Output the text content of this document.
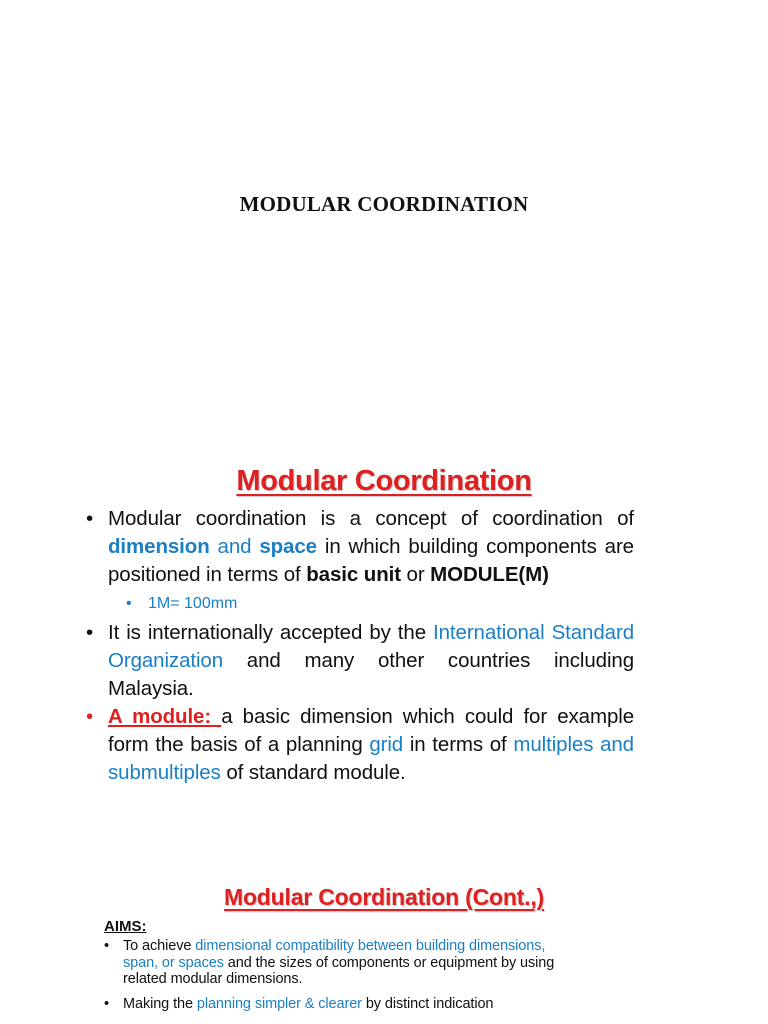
MODULAR COORDINATION
Modular Coordination
• Modular coordination is a concept of coordination of dimension and space in which building components are positioned in terms of basic unit or MODULE(M)
• 1M= 100mm
• It is internationally accepted by the International Standard Organization and many other countries including Malaysia.
• A module: a basic dimension which could for example form the basis of a planning grid in terms of multiples and submultiples of standard module.
Modular Coordination (Cont.,)
AIMS:
• To achieve dimensional compatibility between building dimensions, span, or spaces and the sizes of components or equipment by using related modular dimensions.
• Making the planning simpler & clearer by distinct indication
